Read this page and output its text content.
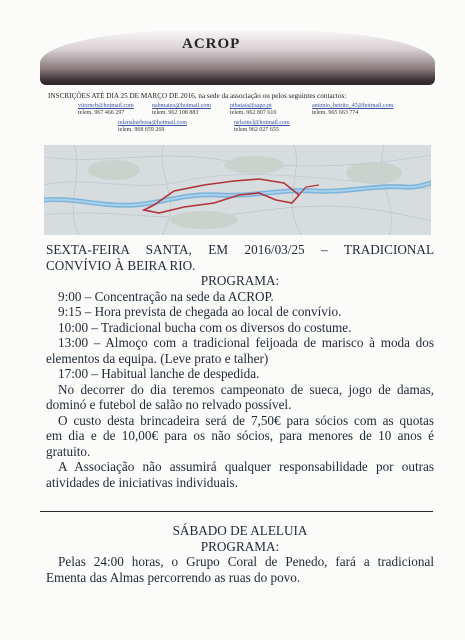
ACROP
INSCRIÇÕES ATÉ DIA 25 DE MARÇO DE 2016, na sede da associação ou pelos seguintes contactos:
vitorncb@hotmail.com
telem. 967 466 297
nabmateo@hotmail.com
telem. 962 108 883
ptbatata@sapo.pt
telem. 962 807 610
antonio_beirito_45@hotmail.com
telem. 965 663 774
mlenabarbosa@hotmail.com
telem. 968 659 269
nelsoncl@hotmail.com
telem 962 027 655
SEXTA-FEIRA SANTA, EM 2016/03/25 – TRADICIONAL
CONVÍVIO À BEIRA RIO.
PROGRAMA:
9:00 – Concentração na sede da ACROP.
9:15 – Hora prevista de chegada ao local de convívio.
10:00 – Tradicional bucha com os diversos do costume.
13:00 – Almoço com a tradicional feijoada de marisco à moda dos
elementos da equipa. (Leve prato e talher)
17:00 – Habitual lanche de despedida.
No decorrer do dia teremos campeonato de sueca, jogo de damas,
dominó e futebol de salão no relvado possível.
O custo desta brincadeira será de 7,50€ para sócios com as quotas
em dia e de 10,00€ para os não sócios, para menores de 10 anos é
gratuito.
A Associação não assumirá qualquer responsabilidade por outras
atividades de iniciativas individuais.
SÁBADO DE ALELUIA
PROGRAMA:
Pelas 24:00 horas, o Grupo Coral de Penedo, fará a tradicional
Ementa das Almas percorrendo as ruas do povo.
